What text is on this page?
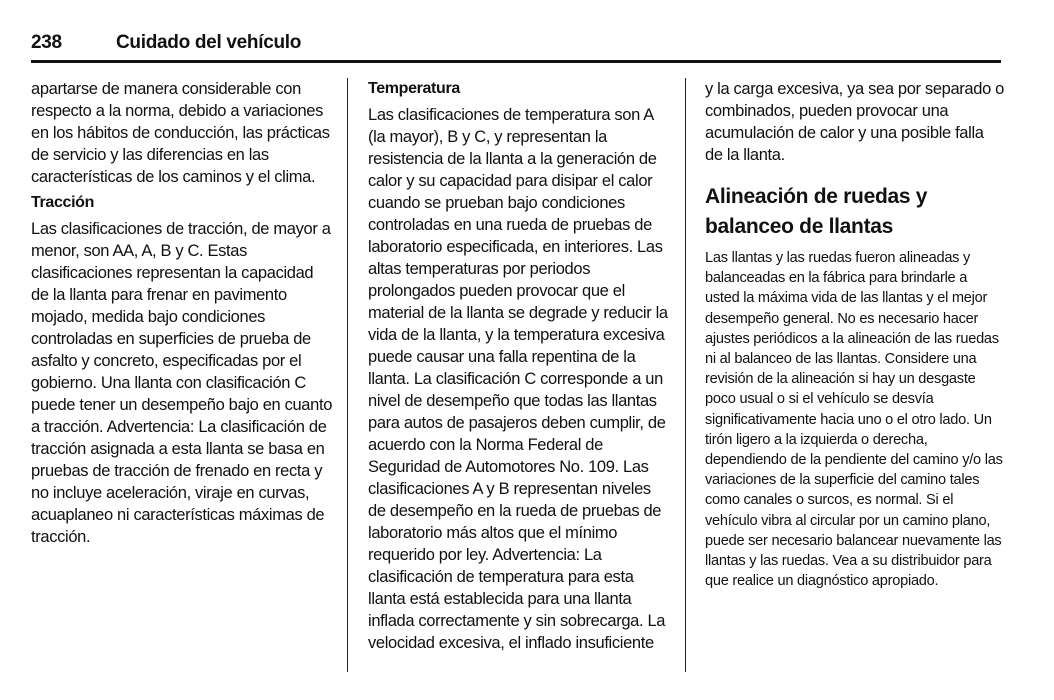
238	Cuidado del vehículo

apartarse de manera considerable con respecto a la norma, debido a variaciones en los hábitos de conducción, las prácticas de servicio y las diferencias en las características de los caminos y el clima.

Tracción

Las clasificaciones de tracción, de mayor a menor, son AA, A, B y C. Estas clasificaciones representan la capacidad de la llanta para frenar en pavimento mojado, medida bajo condiciones controladas en superficies de prueba de asfalto y concreto, especificadas por el gobierno. Una llanta con clasificación C puede tener un desempeño bajo en cuanto a tracción. Advertencia: La clasificación de tracción asignada a esta llanta se basa en pruebas de tracción de frenado en recta y no incluye aceleración, viraje en curvas, acuaplaneo ni características máximas de tracción.

Temperatura

Las clasificaciones de temperatura son A (la mayor), B y C, y representan la resistencia de la llanta a la generación de calor y su capacidad para disipar el calor cuando se prueban bajo condiciones controladas en una rueda de pruebas de laboratorio especificada, en interiores. Las altas temperaturas por periodos prolongados pueden provocar que el material de la llanta se degrade y reducir la vida de la llanta, y la temperatura excesiva puede causar una falla repentina de la llanta. La clasificación C corresponde a un nivel de desempeño que todas las llantas para autos de pasajeros deben cumplir, de acuerdo con la Norma Federal de Seguridad de Automotores No. 109. Las clasificaciones A y B representan niveles de desempeño en la rueda de pruebas de laboratorio más altos que el mínimo requerido por ley. Advertencia: La clasificación de temperatura para esta llanta está establecida para una llanta inflada correctamente y sin sobrecarga. La velocidad excesiva, el inflado insuficiente

y la carga excesiva, ya sea por separado o combinados, pueden provocar una acumulación de calor y una posible falla de la llanta.

Alineación de ruedas y balanceo de llantas

Las llantas y las ruedas fueron alineadas y balanceadas en la fábrica para brindarle a usted la máxima vida de las llantas y el mejor desempeño general. No es necesario hacer ajustes periódicos a la alineación de las ruedas ni al balanceo de las llantas. Considere una revisión de la alineación si hay un desgaste poco usual o si el vehículo se desvía significativamente hacia uno o el otro lado. Un tirón ligero a la izquierda o derecha, dependiendo de la pendiente del camino y/o las variaciones de la superficie del camino tales como canales o surcos, es normal. Si el vehículo vibra al circular por un camino plano, puede ser necesario balancear nuevamente las llantas y las ruedas. Vea a su distribuidor para que realice un diagnóstico apropiado.
